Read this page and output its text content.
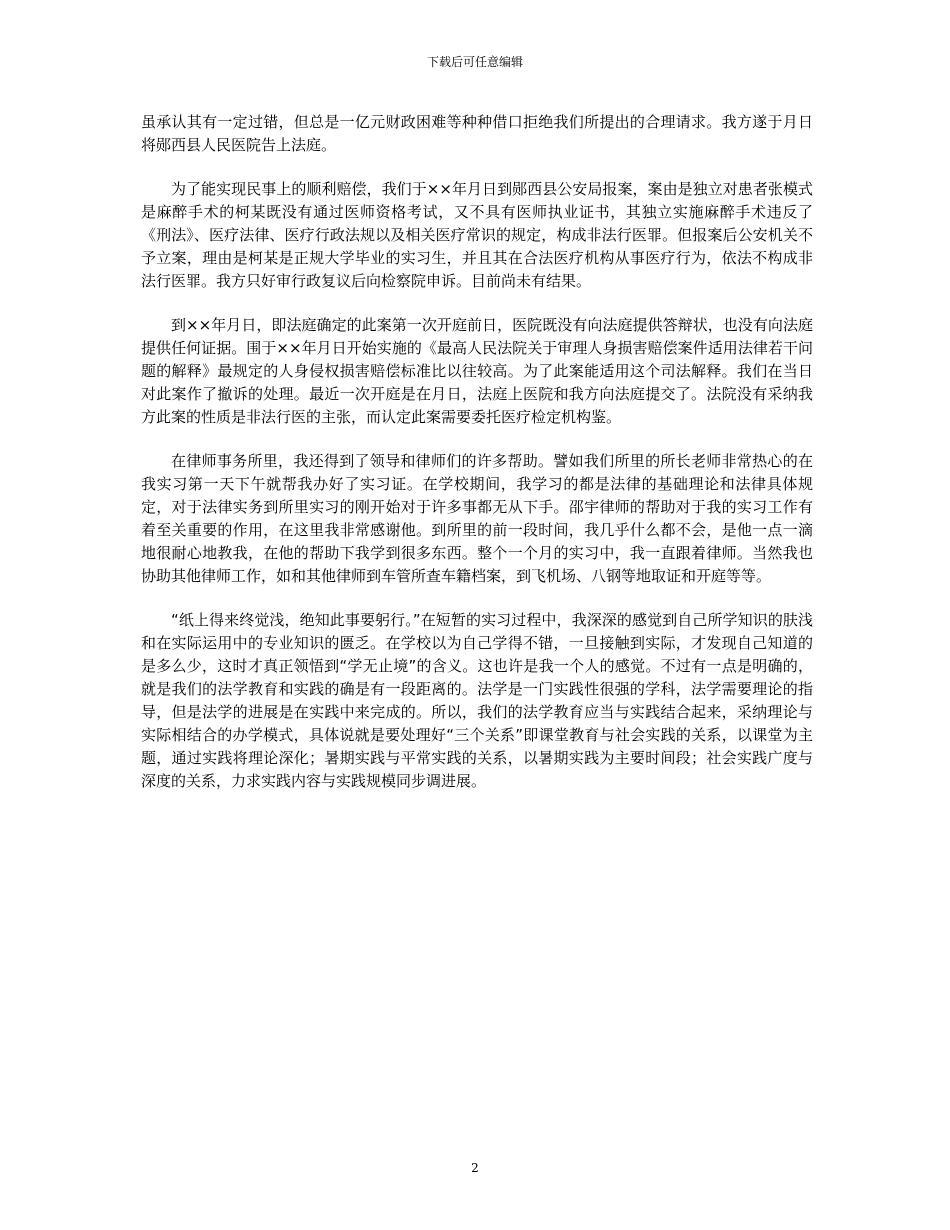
下载后可任意编辑

虽承认其有一定过错，但总是一亿元财政困难等种种借口拒绝我们所提出的合理请求。我方遂于月日将郧西县人民医院告上法庭。

为了能实现民事上的顺利赔偿，我们于××年月日到郧西县公安局报案，案由是独立对患者张模式是麻醉手术的柯某既没有通过医师资格考试，又不具有医师执业证书，其独立实施麻醉手术违反了《刑法》、医疗法律、医疗行政法规以及相关医疗常识的规定，构成非法行医罪。但报案后公安机关不予立案，理由是柯某是正规大学毕业的实习生，并且其在合法医疗机构从事医疗行为，依法不构成非法行医罪。我方只好审行政复议后向检察院申诉。目前尚未有结果。

到××年月日，即法庭确定的此案第一次开庭前日，医院既没有向法庭提供答辩状，也没有向法庭提供任何证据。围于××年月日开始实施的《最高人民法院关于审理人身损害赔偿案件适用法律若干问题的解释》最规定的人身侵权损害赔偿标准比以往较高。为了此案能适用这个司法解释。我们在当日对此案作了撤诉的处理。最近一次开庭是在月日，法庭上医院和我方向法庭提交了。法院没有采纳我方此案的性质是非法行医的主张，而认定此案需要委托医疗检定机构鉴。

在律师事务所里，我还得到了领导和律师们的许多帮助。譬如我们所里的所长老师非常热心的在我实习第一天下午就帮我办好了实习证。在学校期间，我学习的都是法律的基础理论和法律具体规定，对于法律实务到所里实习的刚开始对于许多事都无从下手。邵宇律师的帮助对于我的实习工作有着至关重要的作用，在这里我非常感谢他。到所里的前一段时间，我几乎什么都不会，是他一点一滴地很耐心地教我，在他的帮助下我学到很多东西。整个一个月的实习中，我一直跟着律师。当然我也协助其他律师工作，如和其他律师到车管所查车籍档案，到飞机场、八钢等地取证和开庭等等。

“纸上得来终觉浅，绝知此事要躬行。”在短暂的实习过程中，我深深的感觉到自己所学知识的肤浅和在实际运用中的专业知识的匮乏。在学校以为自己学得不错，一旦接触到实际，才发现自己知道的是多么少，这时才真正领悟到“学无止境”的含义。这也许是我一个人的感觉。不过有一点是明确的，就是我们的法学教育和实践的确是有一段距离的。法学是一门实践性很强的学科，法学需要理论的指导，但是法学的进展是在实践中来完成的。所以，我们的法学教育应当与实践结合起来，采纳理论与实际相结合的办学模式，具体说就是要处理好“三个关系”即课堂教育与社会实践的关系，以课堂为主题，通过实践将理论深化；暑期实践与平常实践的关系，以暑期实践为主要时间段；社会实践广度与深度的关系，力求实践内容与实践规模同步调进展。

2
